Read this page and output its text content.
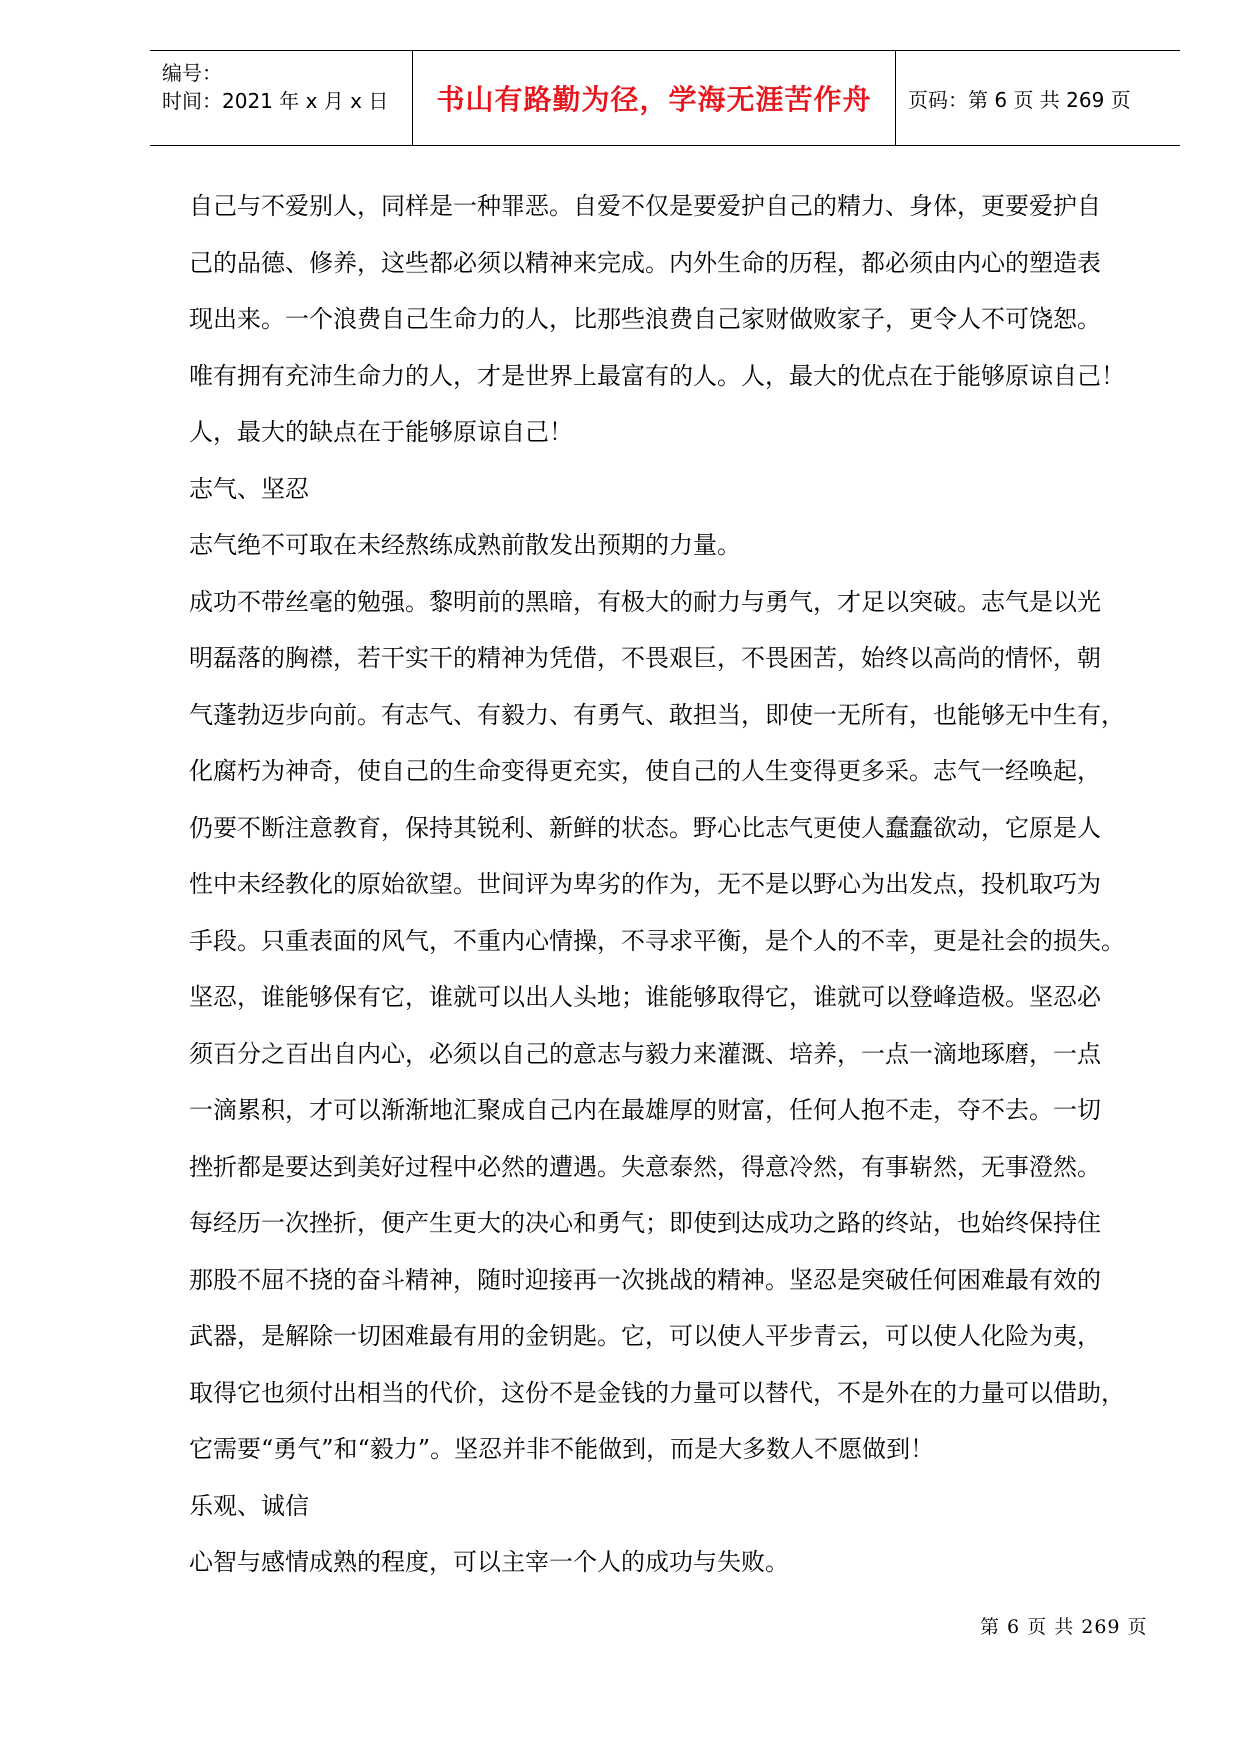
编号：
时间：2021 年 x 月 x 日	书山有路勤为径，学海无涯苦作舟 页码：第 6 页 共 269 页

自己与不爱别人，同样是一种罪恶。自爱不仅是要爱护自己的精力、身体，更要爱护自

己的品德、修养，这些都必须以精神来完成。内外生命的历程，都必须由内心的塑造表

现出来。一个浪费自己生命力的人，比那些浪费自己家财做败家子，更令人不可饶恕。

唯有拥有充沛生命力的人，才是世界上最富有的人。人，最大的优点在于能够原谅自己！

人，最大的缺点在于能够原谅自己！

志气、坚忍

志气绝不可取在未经熬练成熟前散发出预期的力量。

成功不带丝毫的勉强。黎明前的黑暗，有极大的耐力与勇气，才足以突破。志气是以光

明磊落的胸襟，若干实干的精神为凭借，不畏艰巨，不畏困苦，始终以高尚的情怀，朝

气蓬勃迈步向前。有志气、有毅力、有勇气、敢担当，即使一无所有，也能够无中生有，

化腐朽为神奇，使自己的生命变得更充实，使自己的人生变得更多采。志气一经唤起，

仍要不断注意教育，保持其锐利、新鲜的状态。野心比志气更使人蠢蠢欲动，它原是人

性中未经教化的原始欲望。世间评为卑劣的作为，无不是以野心为出发点，投机取巧为

手段。只重表面的风气，不重内心情操，不寻求平衡，是个人的不幸，更是社会的损失。

坚忍，谁能够保有它，谁就可以出人头地；谁能够取得它，谁就可以登峰造极。坚忍必

须百分之百出自内心，必须以自己的意志与毅力来灌溉、培养，一点一滴地琢磨，一点

一滴累积，才可以渐渐地汇聚成自己内在最雄厚的财富，任何人抱不走，夺不去。一切

挫折都是要达到美好过程中必然的遭遇。失意泰然，得意冷然，有事崭然，无事澄然。

每经历一次挫折，便产生更大的决心和勇气；即使到达成功之路的终站，也始终保持住

那股不屈不挠的奋斗精神，随时迎接再一次挑战的精神。坚忍是突破任何困难最有效的

武器，是解除一切困难最有用的金钥匙。它，可以使人平步青云，可以使人化险为夷，

取得它也须付出相当的代价，这份不是金钱的力量可以替代，不是外在的力量可以借助，

它需要“勇气”和“毅力”。坚忍并非不能做到，而是大多数人不愿做到！

乐观、诚信

心智与感情成熟的程度，可以主宰一个人的成功与失败。

第 6 页 共 269 页
